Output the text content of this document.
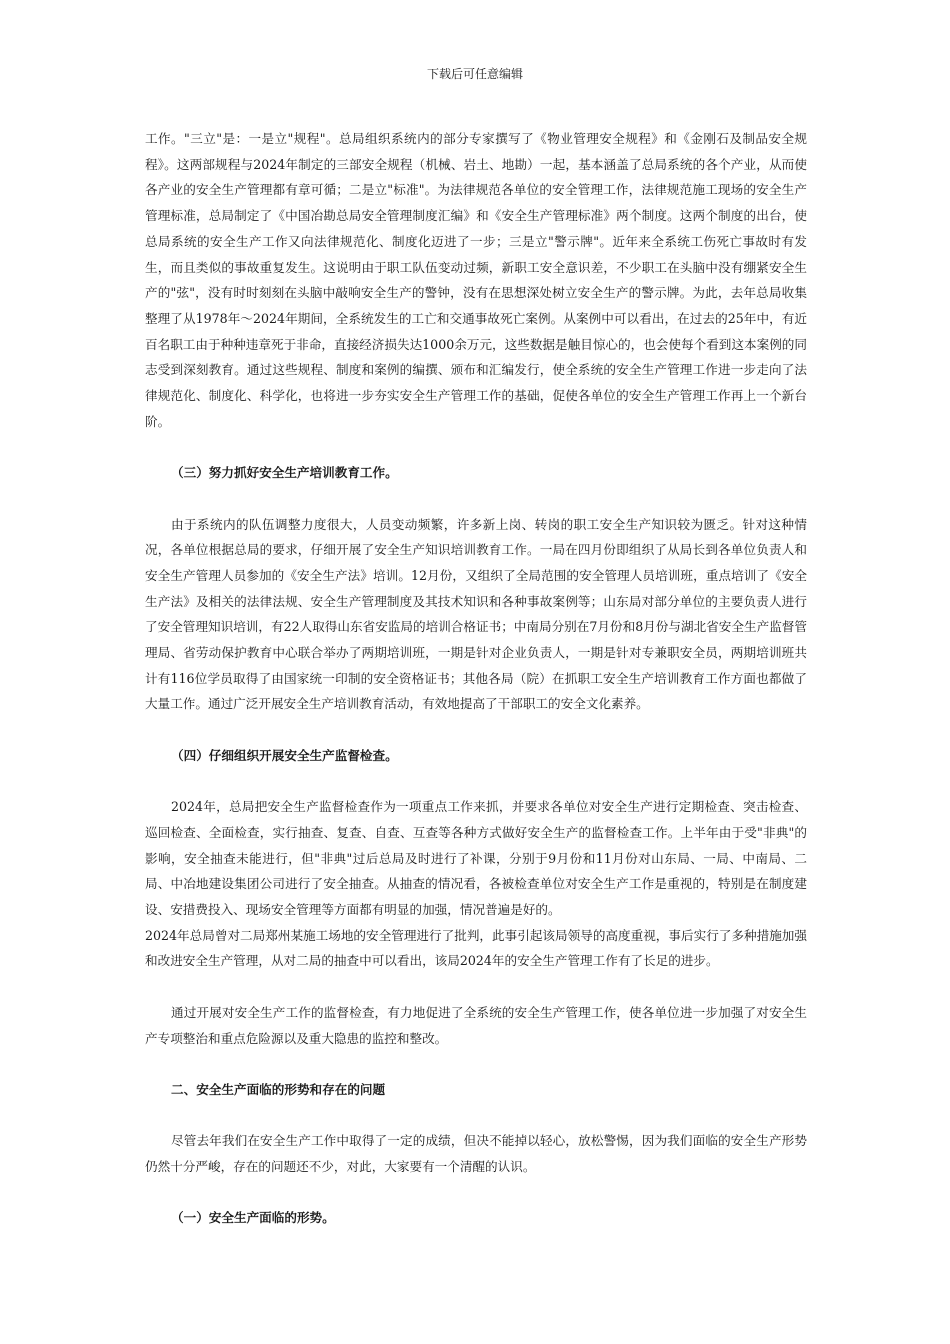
下载后可任意编辑

工作。"三立"是：一是立"规程"。总局组织系统内的部分专家撰写了《物业管理安全规程》和《金刚石及制品安全规程》。这两部规程与2024年制定的三部安全规程（机械、岩土、地勘）一起，基本涵盖了总局系统的各个产业，从而使各产业的安全生产管理都有章可循；二是立"标准"。为法律规范各单位的安全管理工作，法律规范施工现场的安全生产管理标准，总局制定了《中国冶勘总局安全管理制度汇编》和《安全生产管理标准》两个制度。这两个制度的出台，使总局系统的安全生产工作又向法律规范化、制度化迈进了一步；三是立"警示牌"。近年来全系统工伤死亡事故时有发生，而且类似的事故重复发生。这说明由于职工队伍变动过频，新职工安全意识差，不少职工在头脑中没有绷紧安全生产的"弦"，没有时时刻刻在头脑中敲响安全生产的警钟，没有在思想深处树立安全生产的警示牌。为此，去年总局收集整理了从1978年～2024年期间，全系统发生的工亡和交通事故死亡案例。从案例中可以看出，在过去的25年中，有近百名职工由于种种违章死于非命，直接经济损失达1000余万元，这些数据是触目惊心的，也会使每个看到这本案例的同志受到深刻教育。通过这些规程、制度和案例的编撰、颁布和汇编发行，使全系统的安全生产管理工作进一步走向了法律规范化、制度化、科学化，也将进一步夯实安全生产管理工作的基础，促使各单位的安全生产管理工作再上一个新台阶。

（三）努力抓好安全生产培训教育工作。

由于系统内的队伍调整力度很大，人员变动频繁，许多新上岗、转岗的职工安全生产知识较为匮乏。针对这种情况，各单位根据总局的要求，仔细开展了安全生产知识培训教育工作。一局在四月份即组织了从局长到各单位负责人和安全生产管理人员参加的《安全生产法》培训。12月份，又组织了全局范围的安全管理人员培训班，重点培训了《安全生产法》及相关的法律法规、安全生产管理制度及其技术知识和各种事故案例等；山东局对部分单位的主要负责人进行了安全管理知识培训，有22人取得山东省安监局的培训合格证书；中南局分别在7月份和8月份与湖北省安全生产监督管理局、省劳动保护教育中心联合举办了两期培训班，一期是针对企业负责人，一期是针对专兼职安全员，两期培训班共计有116位学员取得了由国家统一印制的安全资格证书；其他各局（院）在抓职工安全生产培训教育工作方面也都做了大量工作。通过广泛开展安全生产培训教育活动，有效地提高了干部职工的安全文化素养。

（四）仔细组织开展安全生产监督检查。

2024年，总局把安全生产监督检查作为一项重点工作来抓，并要求各单位对安全生产进行定期检查、突击检查、巡回检查、全面检查，实行抽查、复查、自查、互查等各种方式做好安全生产的监督检查工作。上半年由于受"非典"的影响，安全抽查未能进行，但"非典"过后总局及时进行了补课，分别于9月份和11月份对山东局、一局、中南局、二局、中冶地建设集团公司进行了安全抽查。从抽查的情况看，各被检查单位对安全生产工作是重视的，特别是在制度建设、安措费投入、现场安全管理等方面都有明显的加强，情况普遍是好的。

2024年总局曾对二局郑州某施工场地的安全管理进行了批判，此事引起该局领导的高度重视，事后实行了多种措施加强和改进安全生产管理，从对二局的抽查中可以看出，该局2024年的安全生产管理工作有了长足的进步。

通过开展对安全生产工作的监督检查，有力地促进了全系统的安全生产管理工作，使各单位进一步加强了对安全生产专项整治和重点危险源以及重大隐患的监控和整改。

二、安全生产面临的形势和存在的问题

尽管去年我们在安全生产工作中取得了一定的成绩，但决不能掉以轻心，放松警惕，因为我们面临的安全生产形势仍然十分严峻，存在的问题还不少，对此，大家要有一个清醒的认识。

（一）安全生产面临的形势。
